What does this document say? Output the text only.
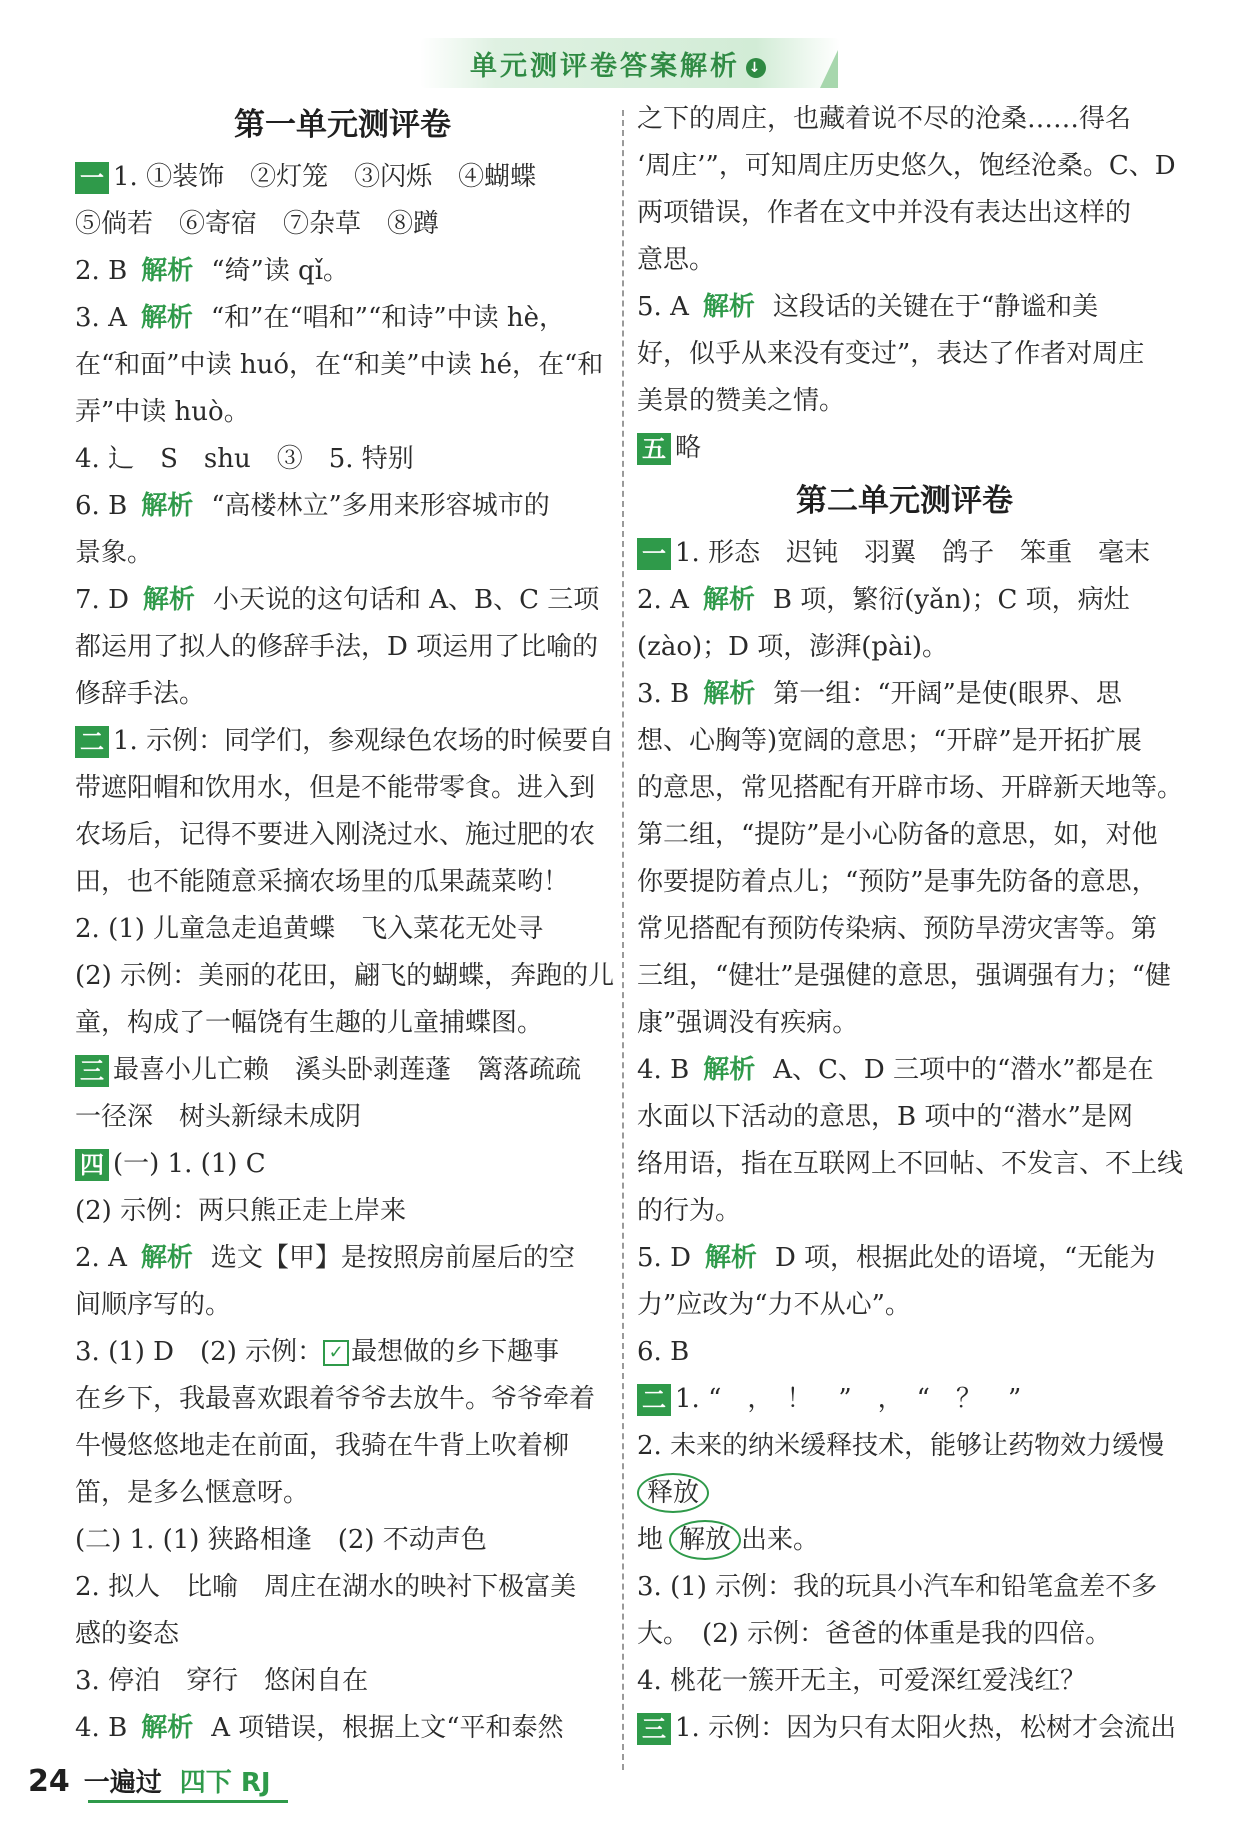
单元测评卷答案解析 ↓
第一单元测评卷
一 1. ①装饰　②灯笼　③闪烁　④蝴蝶
⑤倘若　⑥寄宿　⑦杂草　⑧蹲
2. B 解析 “绮”读 qǐ。
3. A 解析 “和”在“唱和”“和诗”中读 hè，
在“和面”中读 huó，在“和美”中读 hé，在“和
弄”中读 huò。
4. 辶　S　shu　③　5. 特别
6. B 解析 “高楼林立”多用来形容城市的
景象。
7. D 解析 小天说的这句话和 A、B、C 三项
都运用了拟人的修辞手法，D 项运用了比喻的
修辞手法。
二 1. 示例：同学们，参观绿色农场的时候要自
带遮阳帽和饮用水，但是不能带零食。进入到
农场后，记得不要进入刚浇过水、施过肥的农
田，也不能随意采摘农场里的瓜果蔬菜哟！
2. (1) 儿童急走追黄蝶　飞入菜花无处寻
(2) 示例：美丽的花田，翩飞的蝴蝶，奔跑的儿
童，构成了一幅饶有生趣的儿童捕蝶图。
三 最喜小儿亡赖　溪头卧剥莲蓬　篱落疏疏
一径深　树头新绿未成阴
四 (一) 1. (1) C
(2) 示例：两只熊正走上岸来
2. A 解析 选文【甲】是按照房前屋后的空
间顺序写的。
3. (1) D　(2) 示例： ✓ 最想做的乡下趣事
在乡下，我最喜欢跟着爷爷去放牛。爷爷牵着
牛慢悠悠地走在前面，我骑在牛背上吹着柳
笛，是多么惬意呀。
(二) 1. (1) 狭路相逢　(2) 不动声色
2. 拟人　比喻　周庄在湖水的映衬下极富美
感的姿态
3. 停泊　穿行　悠闲自在
4. B 解析 A 项错误，根据上文“平和泰然
之下的周庄，也藏着说不尽的沧桑……得名
‘周庄’”，可知周庄历史悠久，饱经沧桑。C、D
两项错误，作者在文中并没有表达出这样的
意思。
5. A 解析 这段话的关键在于“静谧和美
好，似乎从来没有变过”，表达了作者对周庄
美景的赞美之情。
五 略
第二单元测评卷
一 1. 形态　迟钝　羽翼　鸽子　笨重　毫末
2. A 解析 B 项，繁衍(yǎn)；C 项，病灶
(zào)；D 项，澎湃(pài)。
3. B 解析 第一组：“开阔”是使(眼界、思
想、心胸等)宽阔的意思；“开辟”是开拓扩展
的意思，常见搭配有开辟市场、开辟新天地等。
第二组，“提防”是小心防备的意思，如，对他
你要提防着点儿；“预防”是事先防备的意思，
常见搭配有预防传染病、预防旱涝灾害等。第
三组，“健壮”是强健的意思，强调强有力；“健
康”强调没有疾病。
4. B 解析 A、C、D 三项中的“潜水”都是在
水面以下活动的意思，B 项中的“潜水”是网
络用语，指在互联网上不回帖、不发言、不上线
的行为。
5. D 解析 D 项，根据此处的语境，“无能为
力”应改为“力不从心”。
6. B
二 1. “　，　！　”　，　“　？　”
2. 未来的纳米缓释技术，能够让药物效力缓慢
释放
地 解放 出来。
3. (1) 示例：我的玩具小汽车和铅笔盒差不多
大。　(2) 示例：爸爸的体重是我的四倍。
4. 桃花一簇开无主，可爱深红爱浅红？
三 1. 示例：因为只有太阳火热，松树才会流出
24 一遍过 四下 RJ
